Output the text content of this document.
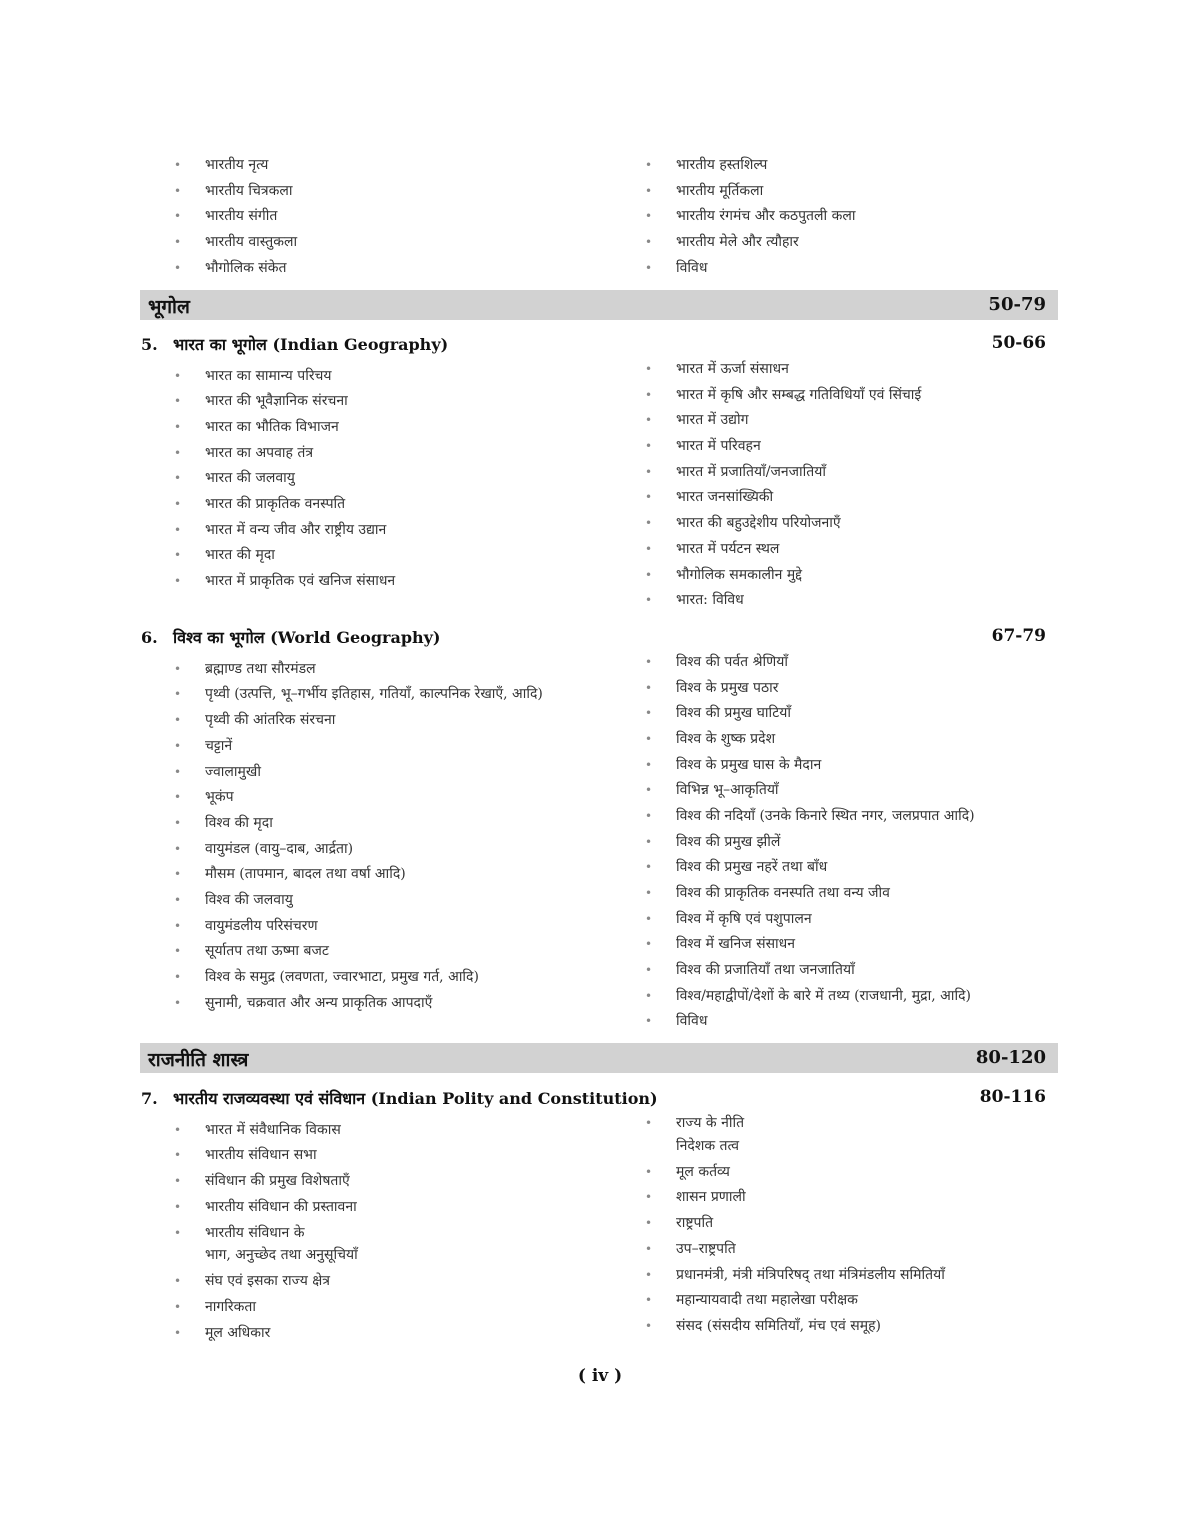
• भारतीय नृत्य
• भारतीय चित्रकला
• भारतीय संगीत
• भारतीय वास्तुकला
• भौगोलिक संकेत
• भारतीय हस्तशिल्प
• भारतीय मूर्तिकला
• भारतीय रंगमंच और कठपुतली कला
• भारतीय मेले और त्यौहार
• विविध
भूगोल	50-79
5. भारत का भूगोल (Indian Geography)	50-66
• भारत का सामान्य परिचय
• भारत की भूवैज्ञानिक संरचना
• भारत का भौतिक विभाजन
• भारत का अपवाह तंत्र
• भारत की जलवायु
• भारत की प्राकृतिक वनस्पति
• भारत में वन्य जीव और राष्ट्रीय उद्यान
• भारत की मृदा
• भारत में प्राकृतिक एवं खनिज संसाधन
• भारत में ऊर्जा संसाधन
• भारत में कृषि और सम्बद्ध गतिविधियाँ एवं सिंचाई
• भारत में उद्योग
• भारत में परिवहन
• भारत में प्रजातियाँ/जनजातियाँ
• भारत जनसांख्यिकी
• भारत की बहुउद्देशीय परियोजनाएँ
• भारत में पर्यटन स्थल
• भौगोलिक समकालीन मुद्दे
• भारत: विविध
6. विश्व का भूगोल (World Geography)	67-79
• ब्रह्माण्ड तथा सौरमंडल
• पृथ्वी (उत्पत्ति, भू–गर्भीय इतिहास, गतियाँ, काल्पनिक रेखाएँ, आदि)
• पृथ्वी की आंतरिक संरचना
• चट्टानें
• ज्वालामुखी
• भूकंप
• विश्व की मृदा
• वायुमंडल (वायु–दाब, आर्द्रता)
• मौसम (तापमान, बादल तथा वर्षा आदि)
• विश्व की जलवायु
• वायुमंडलीय परिसंचरण
• सूर्यातप तथा ऊष्मा बजट
• विश्व के समुद्र (लवणता, ज्वारभाटा, प्रमुख गर्त, आदि)
• सुनामी, चक्रवात और अन्य प्राकृतिक आपदाएँ
• विश्व की पर्वत श्रेणियाँ
• विश्व के प्रमुख पठार
• विश्व की प्रमुख घाटियाँ
• विश्व के शुष्क प्रदेश
• विश्व के प्रमुख घास के मैदान
• विभिन्न भू–आकृतियाँ
• विश्व की नदियाँ (उनके किनारे स्थित नगर, जलप्रपात आदि)
• विश्व की प्रमुख झीलें
• विश्व की प्रमुख नहरें तथा बाँध
• विश्व की प्राकृतिक वनस्पति तथा वन्य जीव
• विश्व में कृषि एवं पशुपालन
• विश्व में खनिज संसाधन
• विश्व की प्रजातियाँ तथा जनजातियाँ
• विश्व/महाद्वीपों/देशों के बारे में तथ्य (राजधानी, मुद्रा, आदि)
• विविध
राजनीति शास्त्र	80-120
7. भारतीय राजव्यवस्था एवं संविधान (Indian Polity and Constitution)	80-116
• भारत में संवैधानिक विकास
• भारतीय संविधान सभा
• संविधान की प्रमुख विशेषताएँ
• भारतीय संविधान की प्रस्तावना
• भारतीय संविधान के
भाग, अनुच्छेद तथा अनुसूचियाँ
• संघ एवं इसका राज्य क्षेत्र
• नागरिकता
• मूल अधिकार
• राज्य के नीति
निदेशक तत्व
• मूल कर्तव्य
• शासन प्रणाली
• राष्ट्रपति
• उप–राष्ट्रपति
• प्रधानमंत्री, मंत्री मंत्रिपरिषद् तथा मंत्रिमंडलीय समितियाँ
• महान्यायवादी तथा महालेखा परीक्षक
• संसद (संसदीय समितियाँ, मंच एवं समूह)
( iv )
